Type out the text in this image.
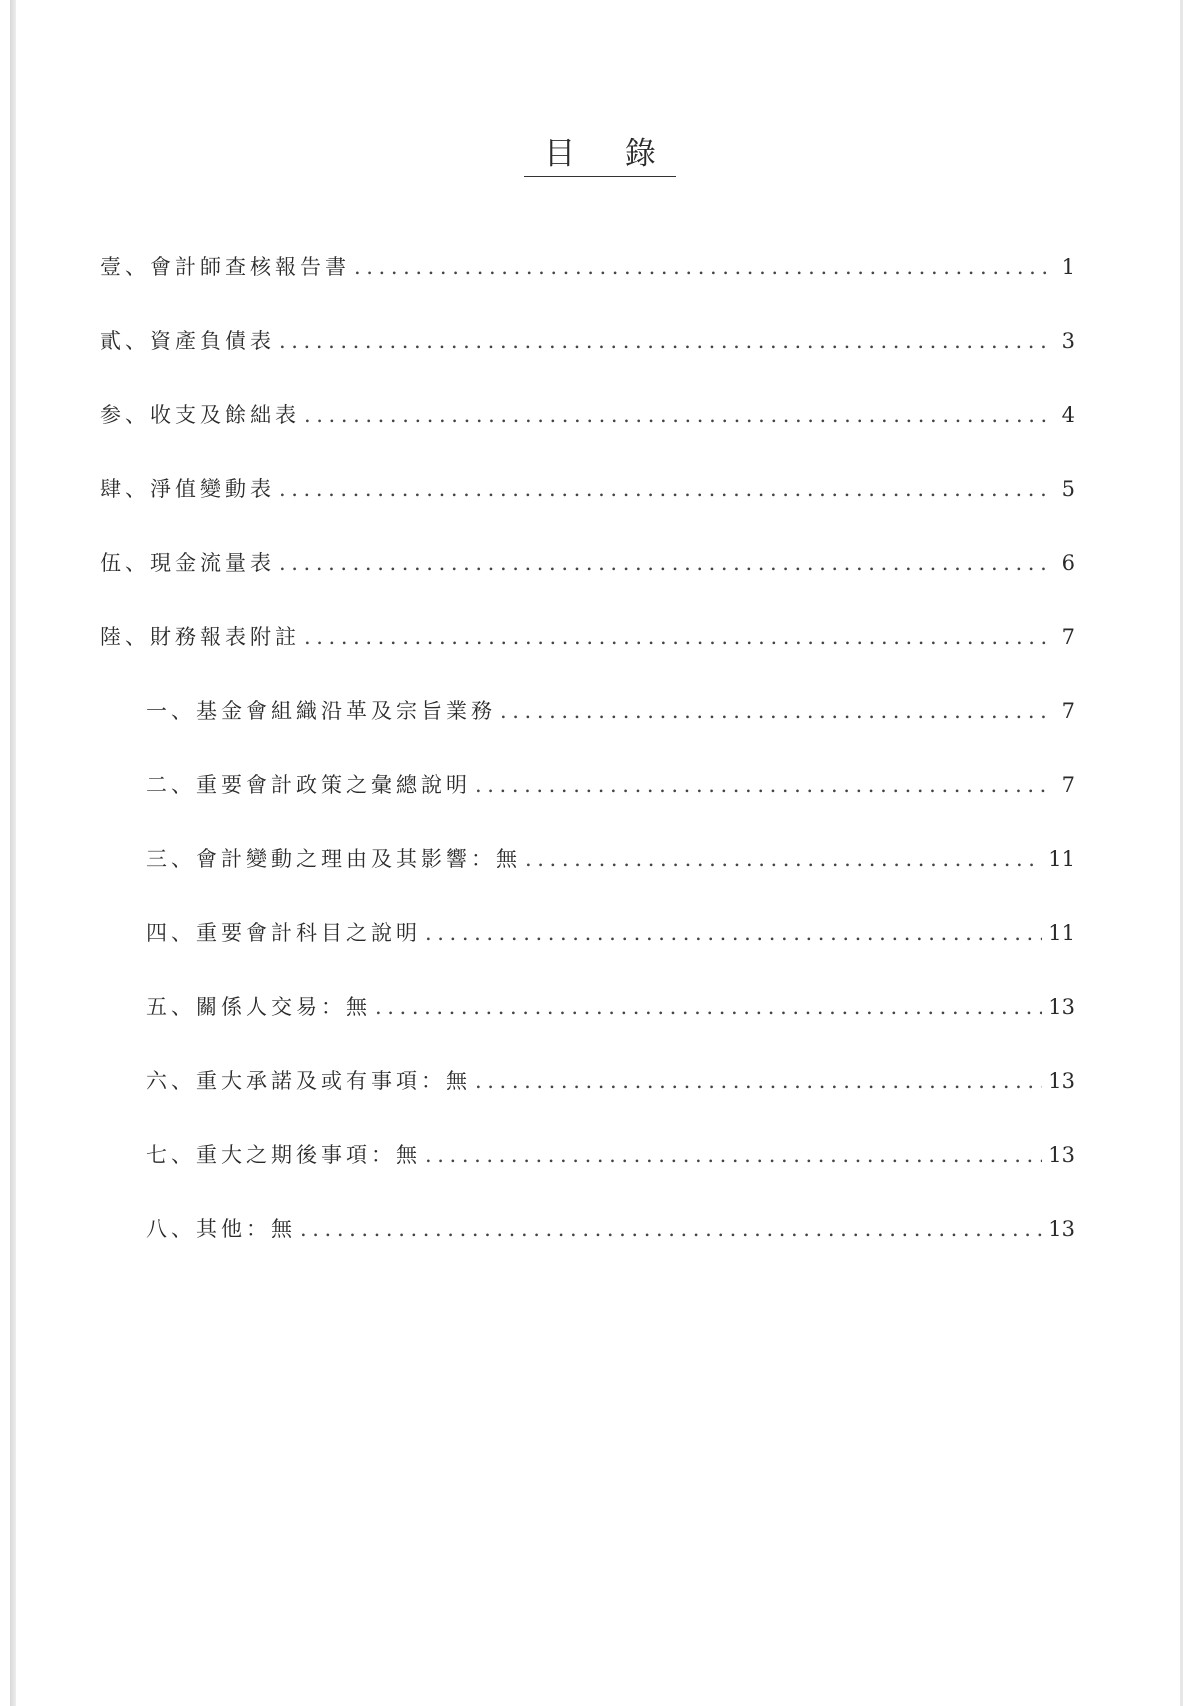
目 錄
壹、會計師查核報告書 .....	1
貳、資產負債表 .....	3
参、收支及餘絀表 .....	4
肆、淨值變動表 .....	5
伍、現金流量表 .....	6
陸、財務報表附註 .....	7
一、基金會組織沿革及宗旨業務 .....	7
二、重要會計政策之彙總說明 .....	7
三、會計變動之理由及其影響：無 .....	11
四、重要會計科目之說明 .....	11
五、關係人交易：無 .....	13
六、重大承諾及或有事項：無 .....	13
七、重大之期後事項：無 .....	13
八、其他：無 .....	13
